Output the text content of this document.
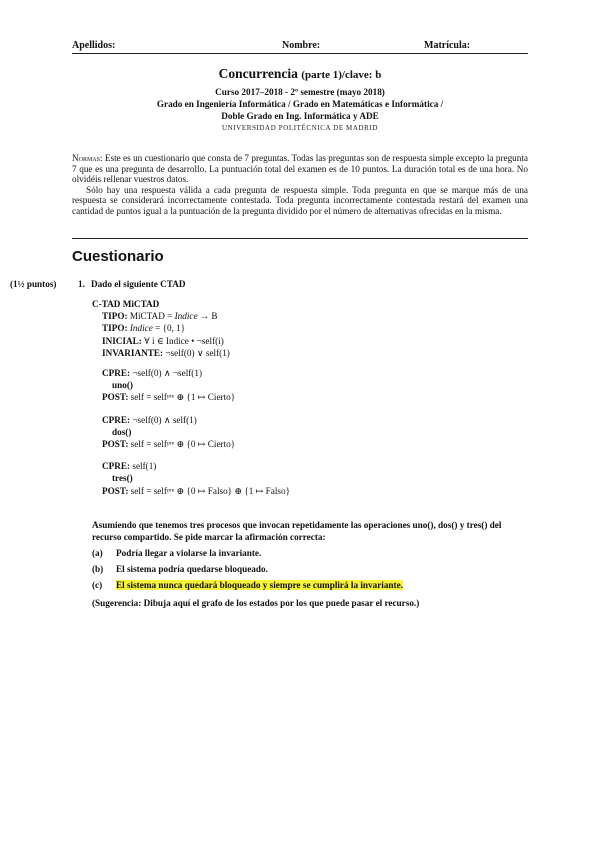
Apellidos:	Nombre:	Matrícula:
Concurrencia (parte 1)/clave: b
Curso 2017–2018 - 2º semestre (mayo 2018)
Grado en Ingeniería Informática / Grado en Matemáticas e Informática /
Doble Grado en Ing. Informática y ADE
UNIVERSIDAD POLITÉCNICA DE MADRID

Normas: Este es un cuestionario que consta de 7 preguntas. Todas las preguntas son de respuesta simple excepto la pregunta 7 que es una pregunta de desarrollo. La puntuación total del examen es de 10 puntos. La duración total es de una hora. No olvidéis rellenar vuestros datos.

Sólo hay una respuesta válida a cada pregunta de respuesta simple. Toda pregunta en que se marque más de una respuesta se considerará incorrectamente contestada. Toda pregunta incorrectamente contestada restará del examen una cantidad de puntos igual a la puntuación de la pregunta dividido por el número de alternativas ofrecidas en la misma.

Cuestionario
(1½ puntos) 1. Dado el siguiente CTAD
C-TAD MiCTAD
TIPO: MiCTAD = Indice → B
TIPO: Indice = {0, 1}
INICIAL: ∀ i ∈ Indice • ¬self(i)
INVARIANTE: ¬self(0) ∨ self(1)
CPRE: ¬self(0) ∧ ¬self(1)
uno()
POST: self = selfᵖʳᵉ ⊕ {1 ↦ Cierto}
CPRE: ¬self(0) ∧ self(1)
dos()
POST: self = selfᵖʳᵉ ⊕ {0 ↦ Cierto}
CPRE: self(1)
tres()
POST: self = selfᵖʳᵉ ⊕ {0 ↦ Falso} ⊕ {1 ↦ Falso}
Asumiendo que tenemos tres procesos que invocan repetidamente las operaciones uno(), dos() y tres() del recurso compartido. Se pide marcar la afirmación correcta:
(a) Podría llegar a violarse la invariante.
(b) El sistema podría quedarse bloqueado.
(c) El sistema nunca quedará bloqueado y siempre se cumplirá la invariante.
(Sugerencia: Dibuja aquí el grafo de los estados por los que puede pasar el recurso.)
